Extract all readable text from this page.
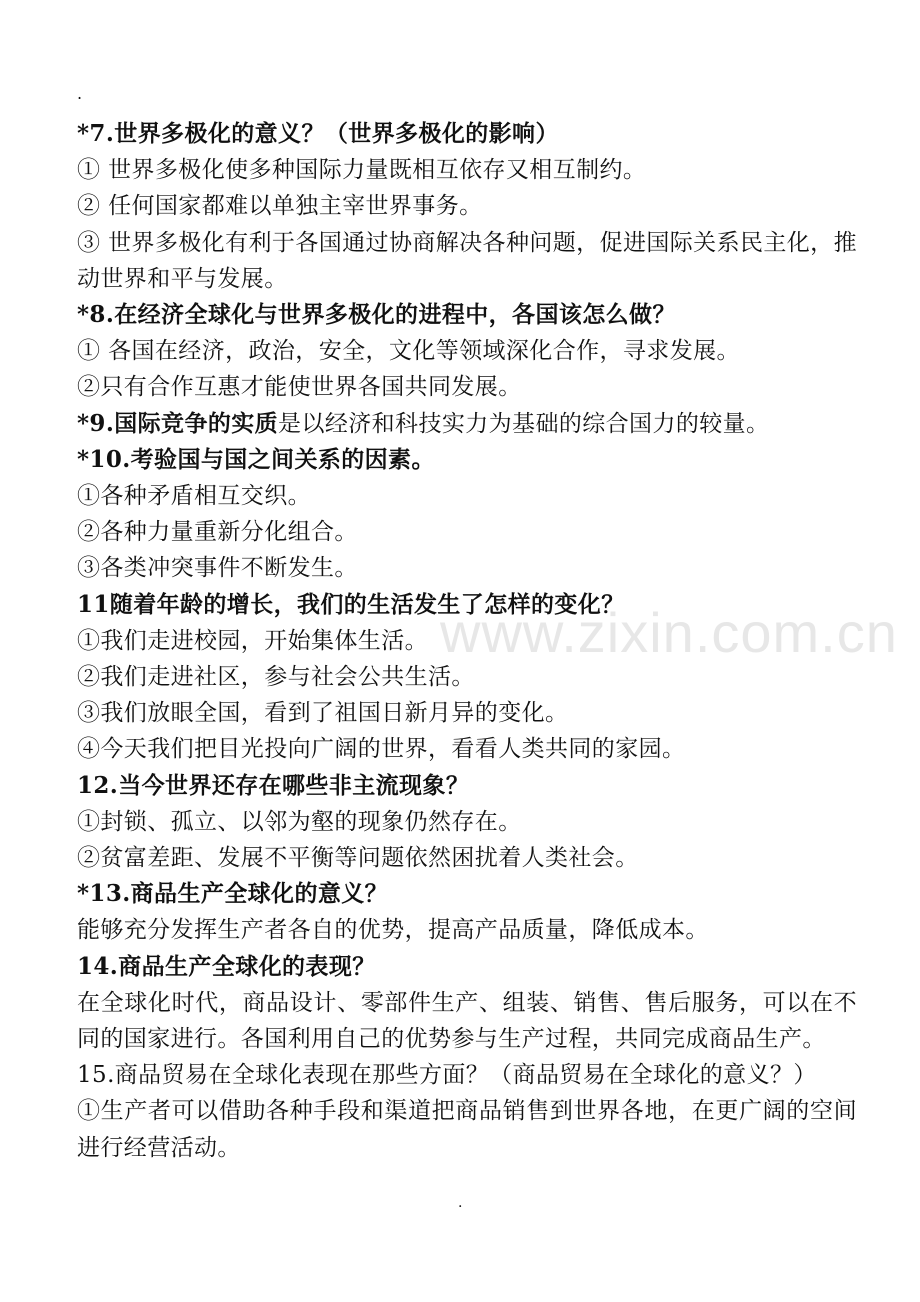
.
www.zixin.com.cn

*7.世界多极化的意义？（世界多极化的影响）

① 世界多极化使多种国际力量既相互依存又相互制约。

② 任何国家都难以单独主宰世界事务。

③ 世界多极化有利于各国通过协商解决各种问题，促进国际关系民主化，推动世界和平与发展。

*8.在经济全球化与世界多极化的进程中，各国该怎么做？

① 各国在经济，政治，安全，文化等领域深化合作，寻求发展。

②只有合作互惠才能使世界各国共同发展。

*9.国际竞争的实质是以经济和科技实力为基础的综合国力的较量。

*10.考验国与国之间关系的因素。

①各种矛盾相互交织。

②各种力量重新分化组合。

③各类冲突事件不断发生。

11随着年龄的增长，我们的生活发生了怎样的变化？

①我们走进校园，开始集体生活。

②我们走进社区，参与社会公共生活。

③我们放眼全国，看到了祖国日新月异的变化。

④今天我们把目光投向广阔的世界，看看人类共同的家园。

12.当今世界还存在哪些非主流现象？

①封锁、孤立、以邻为壑的现象仍然存在。

②贫富差距、发展不平衡等问题依然困扰着人类社会。

*13.商品生产全球化的意义？

能够充分发挥生产者各自的优势，提高产品质量，降低成本。

14.商品生产全球化的表现？

在全球化时代，商品设计、零部件生产、组装、销售、售后服务，可以在不同的国家进行。各国利用自己的优势参与生产过程，共同完成商品生产。

15.商品贸易在全球化表现在那些方面？（商品贸易在全球化的意义？）

①生产者可以借助各种手段和渠道把商品销售到世界各地，在更广阔的空间进行经营活动。

.
